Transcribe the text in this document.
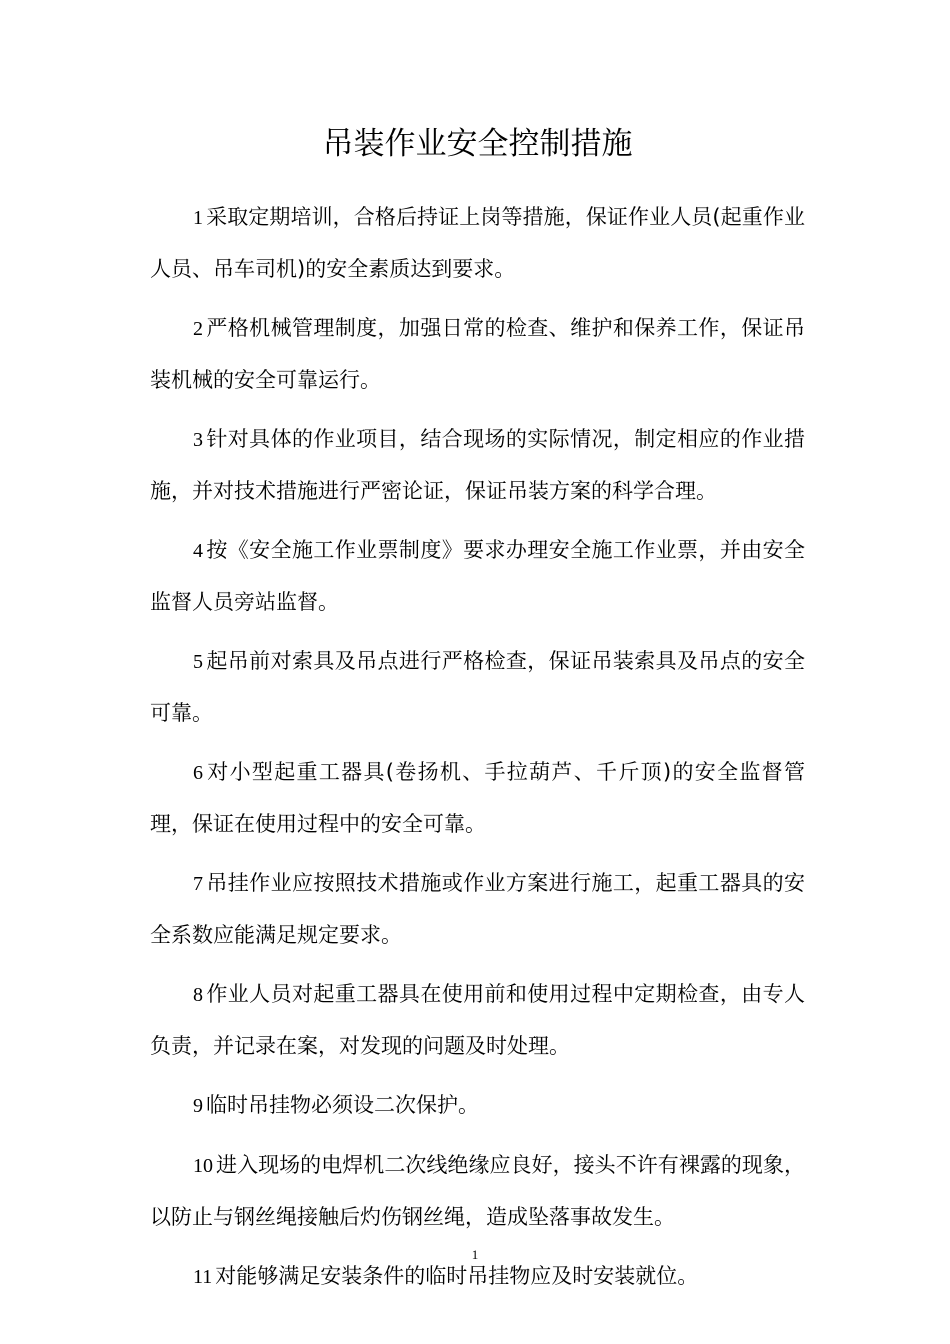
吊装作业安全控制措施

1 采取定期培训，合格后持证上岗等措施，保证作业人员(起重作业人员、吊车司机)的安全素质达到要求。

2 严格机械管理制度，加强日常的检查、维护和保养工作，保证吊装机械的安全可靠运行。

3 针对具体的作业项目，结合现场的实际情况，制定相应的作业措施，并对技术措施进行严密论证，保证吊装方案的科学合理。

4 按《安全施工作业票制度》要求办理安全施工作业票，并由安全监督人员旁站监督。

5 起吊前对索具及吊点进行严格检查，保证吊装索具及吊点的安全可靠。

6 对小型起重工器具(卷扬机、手拉葫芦、千斤顶)的安全监督管理，保证在使用过程中的安全可靠。

7 吊挂作业应按照技术措施或作业方案进行施工，起重工器具的安全系数应能满足规定要求。

8 作业人员对起重工器具在使用前和使用过程中定期检查，由专人负责，并记录在案，对发现的问题及时处理。

9 临时吊挂物必须设二次保护。

10 进入现场的电焊机二次线绝缘应良好，接头不许有裸露的现象，以防止与钢丝绳接触后灼伤钢丝绳，造成坠落事故发生。

11 对能够满足安装条件的临时吊挂物应及时安装就位。

1
